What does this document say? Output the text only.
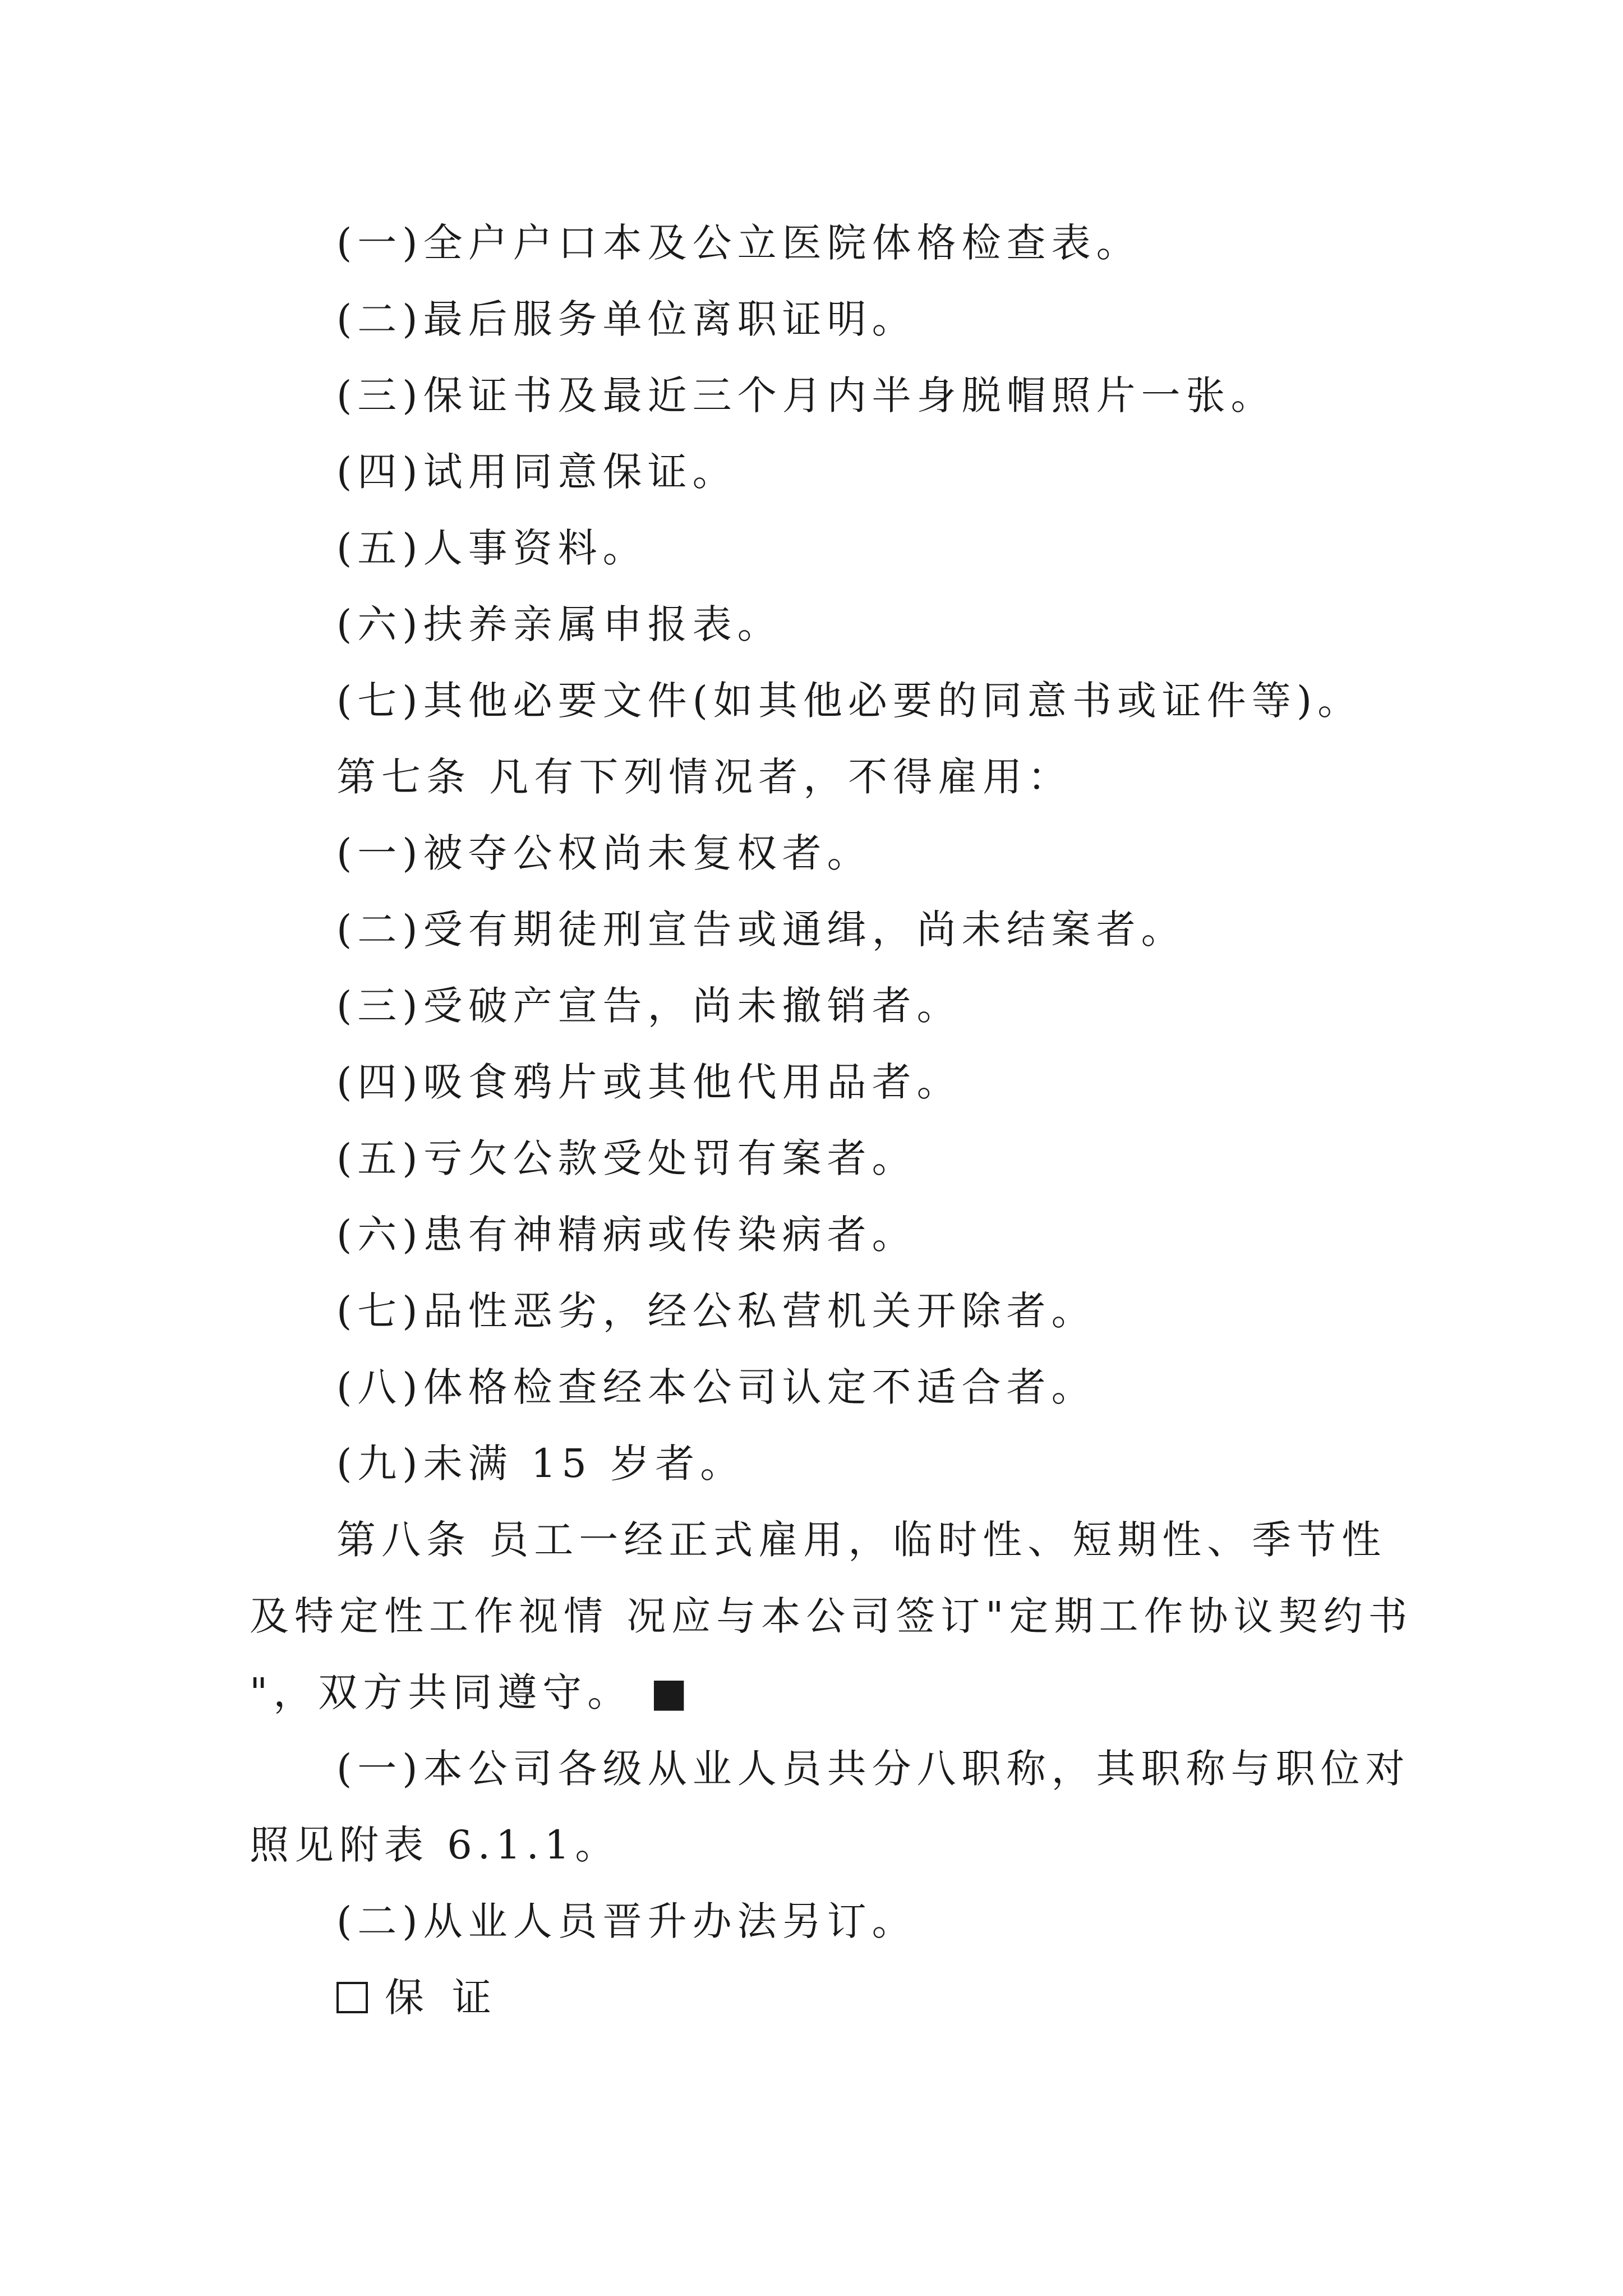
(一)全户户口本及公立医院体格检查表。

(二)最后服务单位离职证明。

(三)保证书及最近三个月内半身脱帽照片一张。

(四)试用同意保证。

(五)人事资料。

(六)扶养亲属申报表。

(七)其他必要文件(如其他必要的同意书或证件等)。

第七条 凡有下列情况者，不得雇用：

(一)被夺公权尚未复权者。

(二)受有期徒刑宣告或通缉，尚未结案者。

(三)受破产宣告，尚未撤销者。

(四)吸食鸦片或其他代用品者。

(五)亏欠公款受处罚有案者。

(六)患有神精病或传染病者。

(七)品性恶劣，经公私营机关开除者。

(八)体格检查经本公司认定不适合者。

(九)未满 15 岁者。

第八条 员工一经正式雇用，临时性、短期性、季节性

及特定性工作视情 况应与本公司签订"定期工作协议契约书

"，双方共同遵守。 ■

(一)本公司各级从业人员共分八职称，其职称与职位对

照见附表 6.1.1。

(二)从业人员晋升办法另订。

保证
